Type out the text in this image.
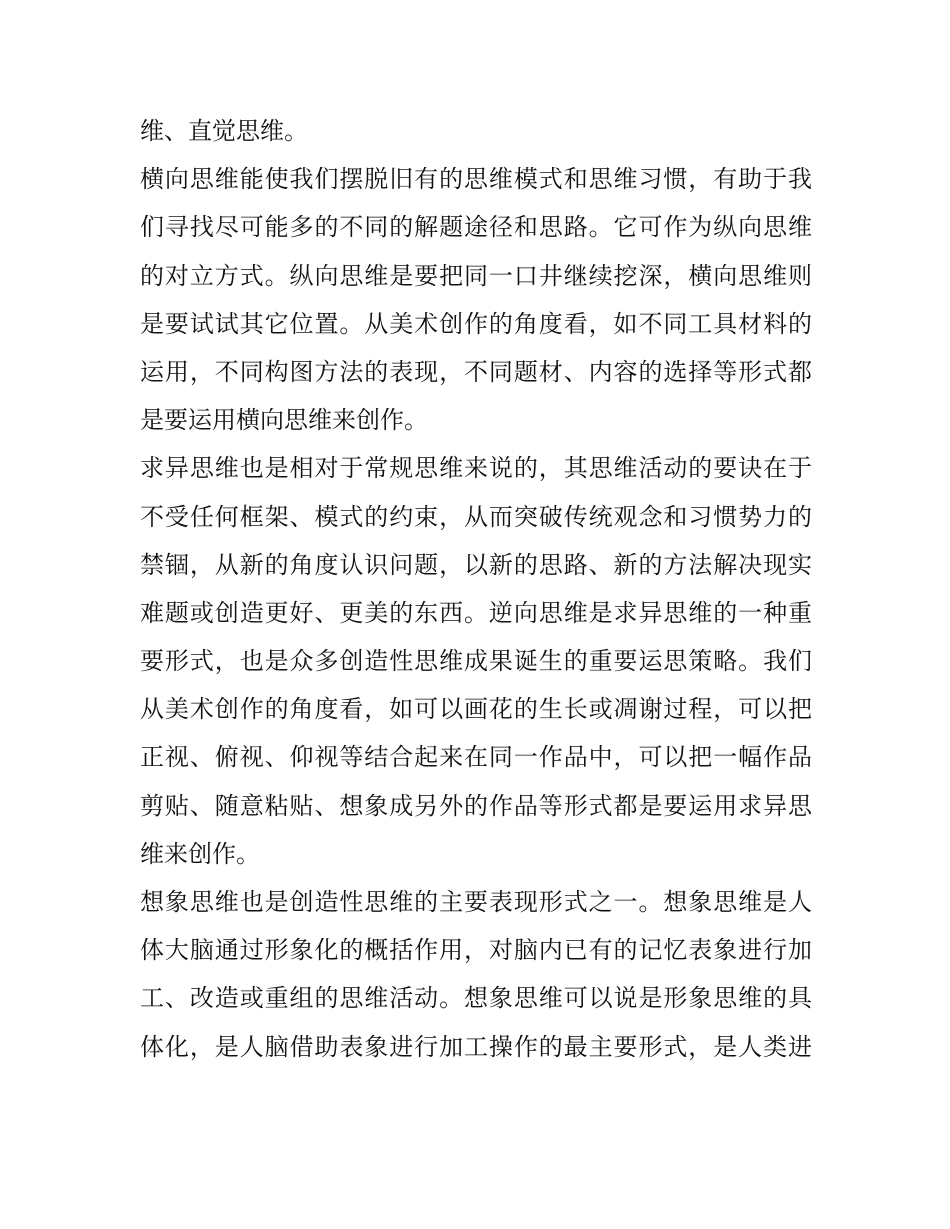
维、直觉思维。
横向思维能使我们摆脱旧有的思维模式和思维习惯，有助于我
们寻找尽可能多的不同的解题途径和思路。它可作为纵向思维
的对立方式。纵向思维是要把同一口井继续挖深，横向思维则
是要试试其它位置。从美术创作的角度看，如不同工具材料的
运用，不同构图方法的表现，不同题材、内容的选择等形式都
是要运用横向思维来创作。
求异思维也是相对于常规思维来说的，其思维活动的要诀在于
不受任何框架、模式的约束，从而突破传统观念和习惯势力的
禁锢，从新的角度认识问题，以新的思路、新的方法解决现实
难题或创造更好、更美的东西。逆向思维是求异思维的一种重
要形式，也是众多创造性思维成果诞生的重要运思策略。我们
从美术创作的角度看，如可以画花的生长或凋谢过程，可以把
正视、俯视、仰视等结合起来在同一作品中，可以把一幅作品
剪贴、随意粘贴、想象成另外的作品等形式都是要运用求异思
维来创作。
想象思维也是创造性思维的主要表现形式之一。想象思维是人
体大脑通过形象化的概括作用，对脑内已有的记忆表象进行加
工、改造或重组的思维活动。想象思维可以说是形象思维的具
体化，是人脑借助表象进行加工操作的最主要形式，是人类进
